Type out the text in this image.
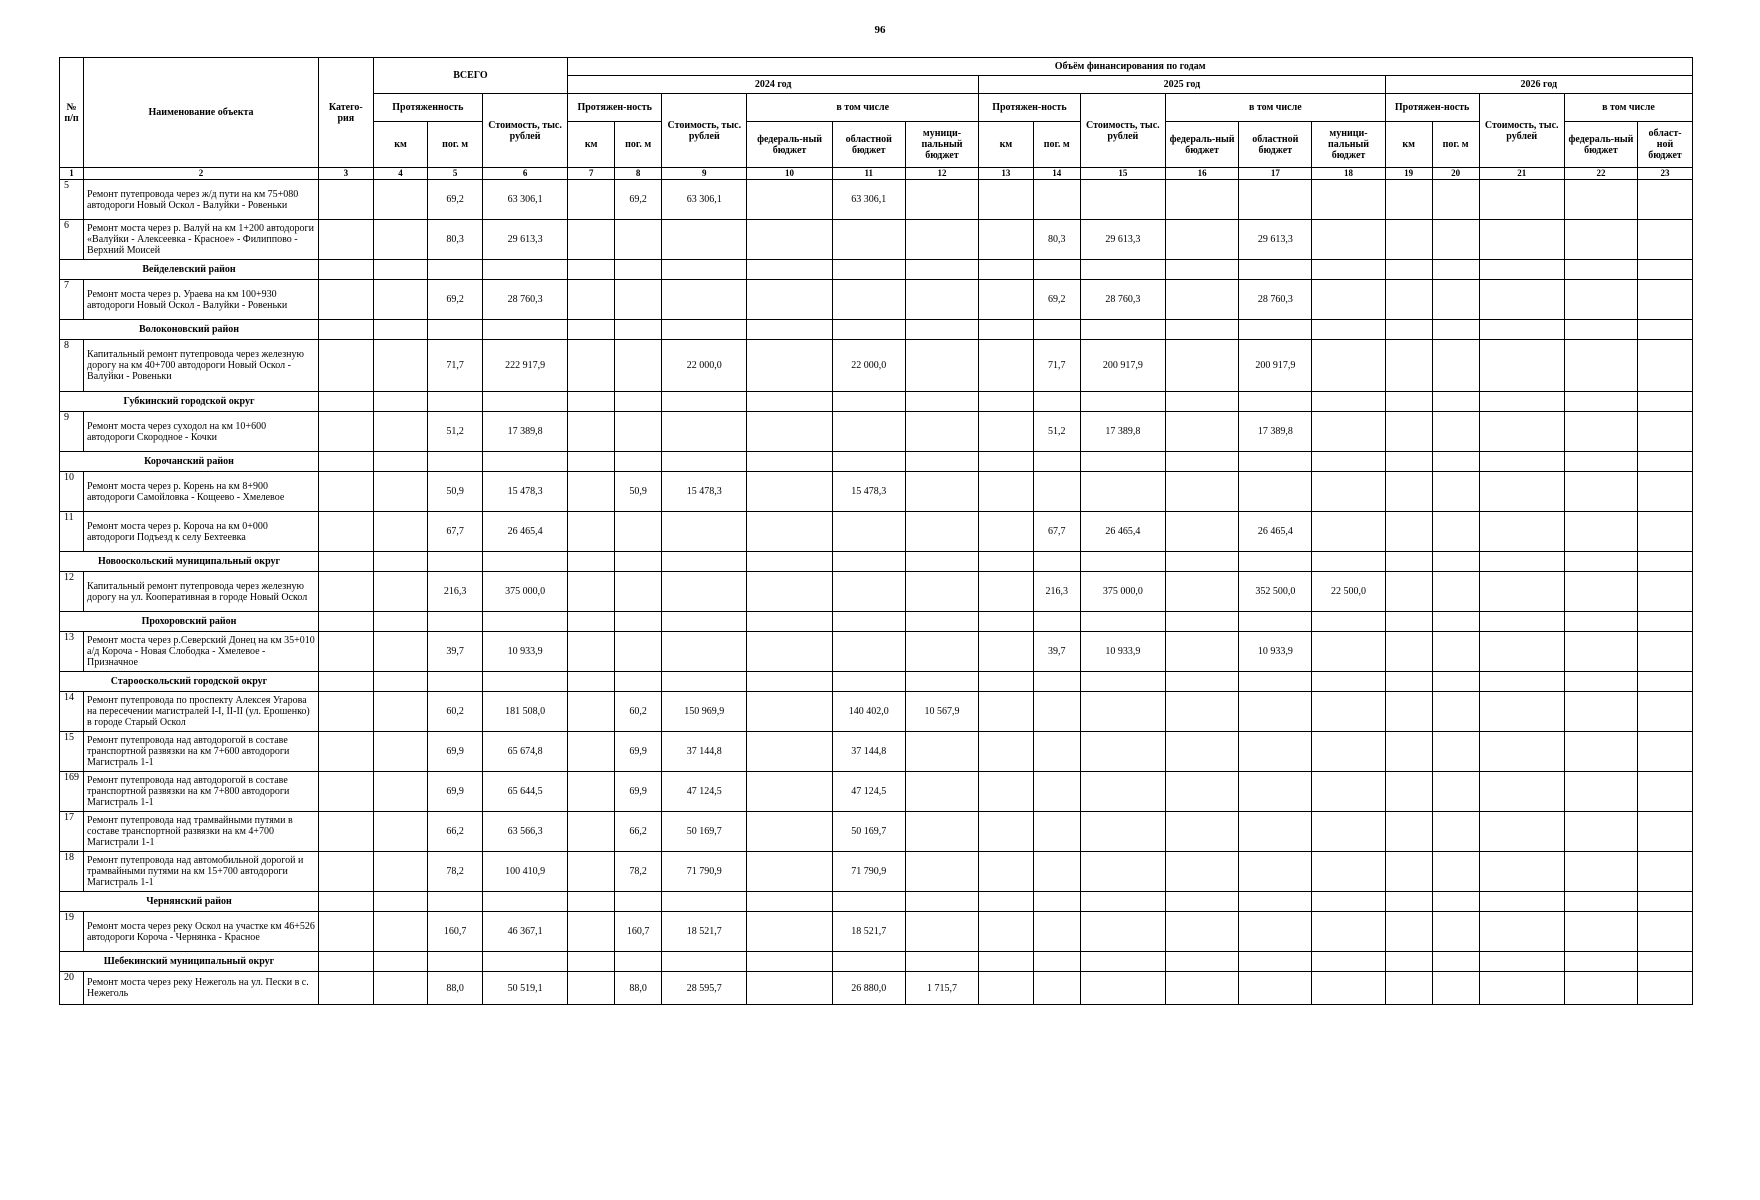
96
№ п/п	Наименование объекта	Катего-рия	ВСЕГО			Объём финансирования по годам																
						2024 год						2025 год						2026 год				
			Протяженность		Стоимость, тыс. рублей	Протяжен-ность		Стоимость, тыс. рублей	в том числе			Протяжен-ность		Стоимость, тыс. рублей	в том числе			Протяжен-ность		Стоимость, тыс. рублей	в том числе	
			км	пог. м		км	пог. м		федераль-ный бюджет	областной бюджет	муници-пальный бюджет	км	пог. м		федераль-ный бюджет	областной бюджет	муници-пальный бюджет	км	пог. м		федераль-ный бюджет	област-ной бюджет
1	2	3	4	5	6	7	8	9	10	11	12	13	14	15	16	17	18	19	20	21	22	23
5	Ремонт путепровода через ж/д пути на км 75+080 автодороги Новый Оскол - Валуйки - Ровеньки			69,2	63 306,1		69,2	63 306,1		63 306,1												
6	Ремонт моста через р. Валуй на км 1+200 автодороги «Валуйки - Алексеевка - Красное» - Филиппово - Верхний Моисей			80,3	29 613,3								80,3	29 613,3		29 613,3						
Вейделевский район																						
7	Ремонт моста через р. Ураева на км 100+930 автодороги Новый Оскол - Валуйки - Ровеньки			69,2	28 760,3								69,2	28 760,3		28 760,3						
Волоконовский район																						
8	Капитальный ремонт путепровода через железную дорогу на км 40+700 автодороги Новый Оскол - Валуйки - Ровеньки			71,7	222 917,9			22 000,0		22 000,0			71,7	200 917,9		200 917,9						
Губкинский городской округ																						
9	Ремонт моста через суходол на км 10+600 автодороги Скороднoe - Кочки			51,2	17 389,8								51,2	17 389,8		17 389,8						
Корочанский район																						
10	Ремонт моста через р. Корень на км 8+900 автодороги Самойловка - Кощеево - Хмелевое			50,9	15 478,3		50,9	15 478,3		15 478,3												
11	Ремонт моста через р. Короча на км 0+000 автодороги Подъезд к селу Бехтеевка			67,7	26 465,4								67,7	26 465,4		26 465,4						
Новооскольский муниципальный округ																						
12	Капитальный ремонт путепровода через железную дорогу на ул. Кооперативная в городе Новый Оскол			216,3	375 000,0								216,3	375 000,0		352 500,0	22 500,0					
Прохоровский район																						
13	Ремонт моста через р.Северский Донец на км 35+010 а/д Короча - Новая Слободка - Хмелевое - Призначное			39,7	10 933,9								39,7	10 933,9		10 933,9						
Старооскольский городской округ																						
14	Ремонт путепровода по проспекту Алексея Угарова на пересечении магистралей I-I, II-II (ул. Ерошенко) в городе Старый Оскол			60,2	181 508,0		60,2	150 969,9		140 402,0	10 567,9											
15	Ремонт путепровода над автодорогой в составе транспортной развязки на км 7+600 автодороги Магистраль 1-1			69,9	65 674,8		69,9	37 144,8		37 144,8												
169	Ремонт путепровода над автодорогой в составе транспортной развязки на км 7+800 автодороги Магистраль 1-1			69,9	65 644,5		69,9	47 124,5		47 124,5												
17	Ремонт путепровода над трамвайными путями в составе транспортной развязки на км 4+700 Магистрали 1-1			66,2	63 566,3		66,2	50 169,7		50 169,7												
18	Ремонт путепровода над автомобильной дорогой и трамвайными путями на км 15+700 автодороги Магистраль 1-1			78,2	100 410,9		78,2	71 790,9		71 790,9												
Чернянский район																						
19	Ремонт моста через реку Оскол на участке км 46+526 автодороги Короча - Чернянка - Красное			160,7	46 367,1		160,7	18 521,7		18 521,7												
Шебекинский муниципальный округ																						
20	Ремонт моста через реку Нежеголь на ул. Пески в с. Нежеголь			88,0	50 519,1		88,0	28 595,7		26 880,0	1 715,7											
